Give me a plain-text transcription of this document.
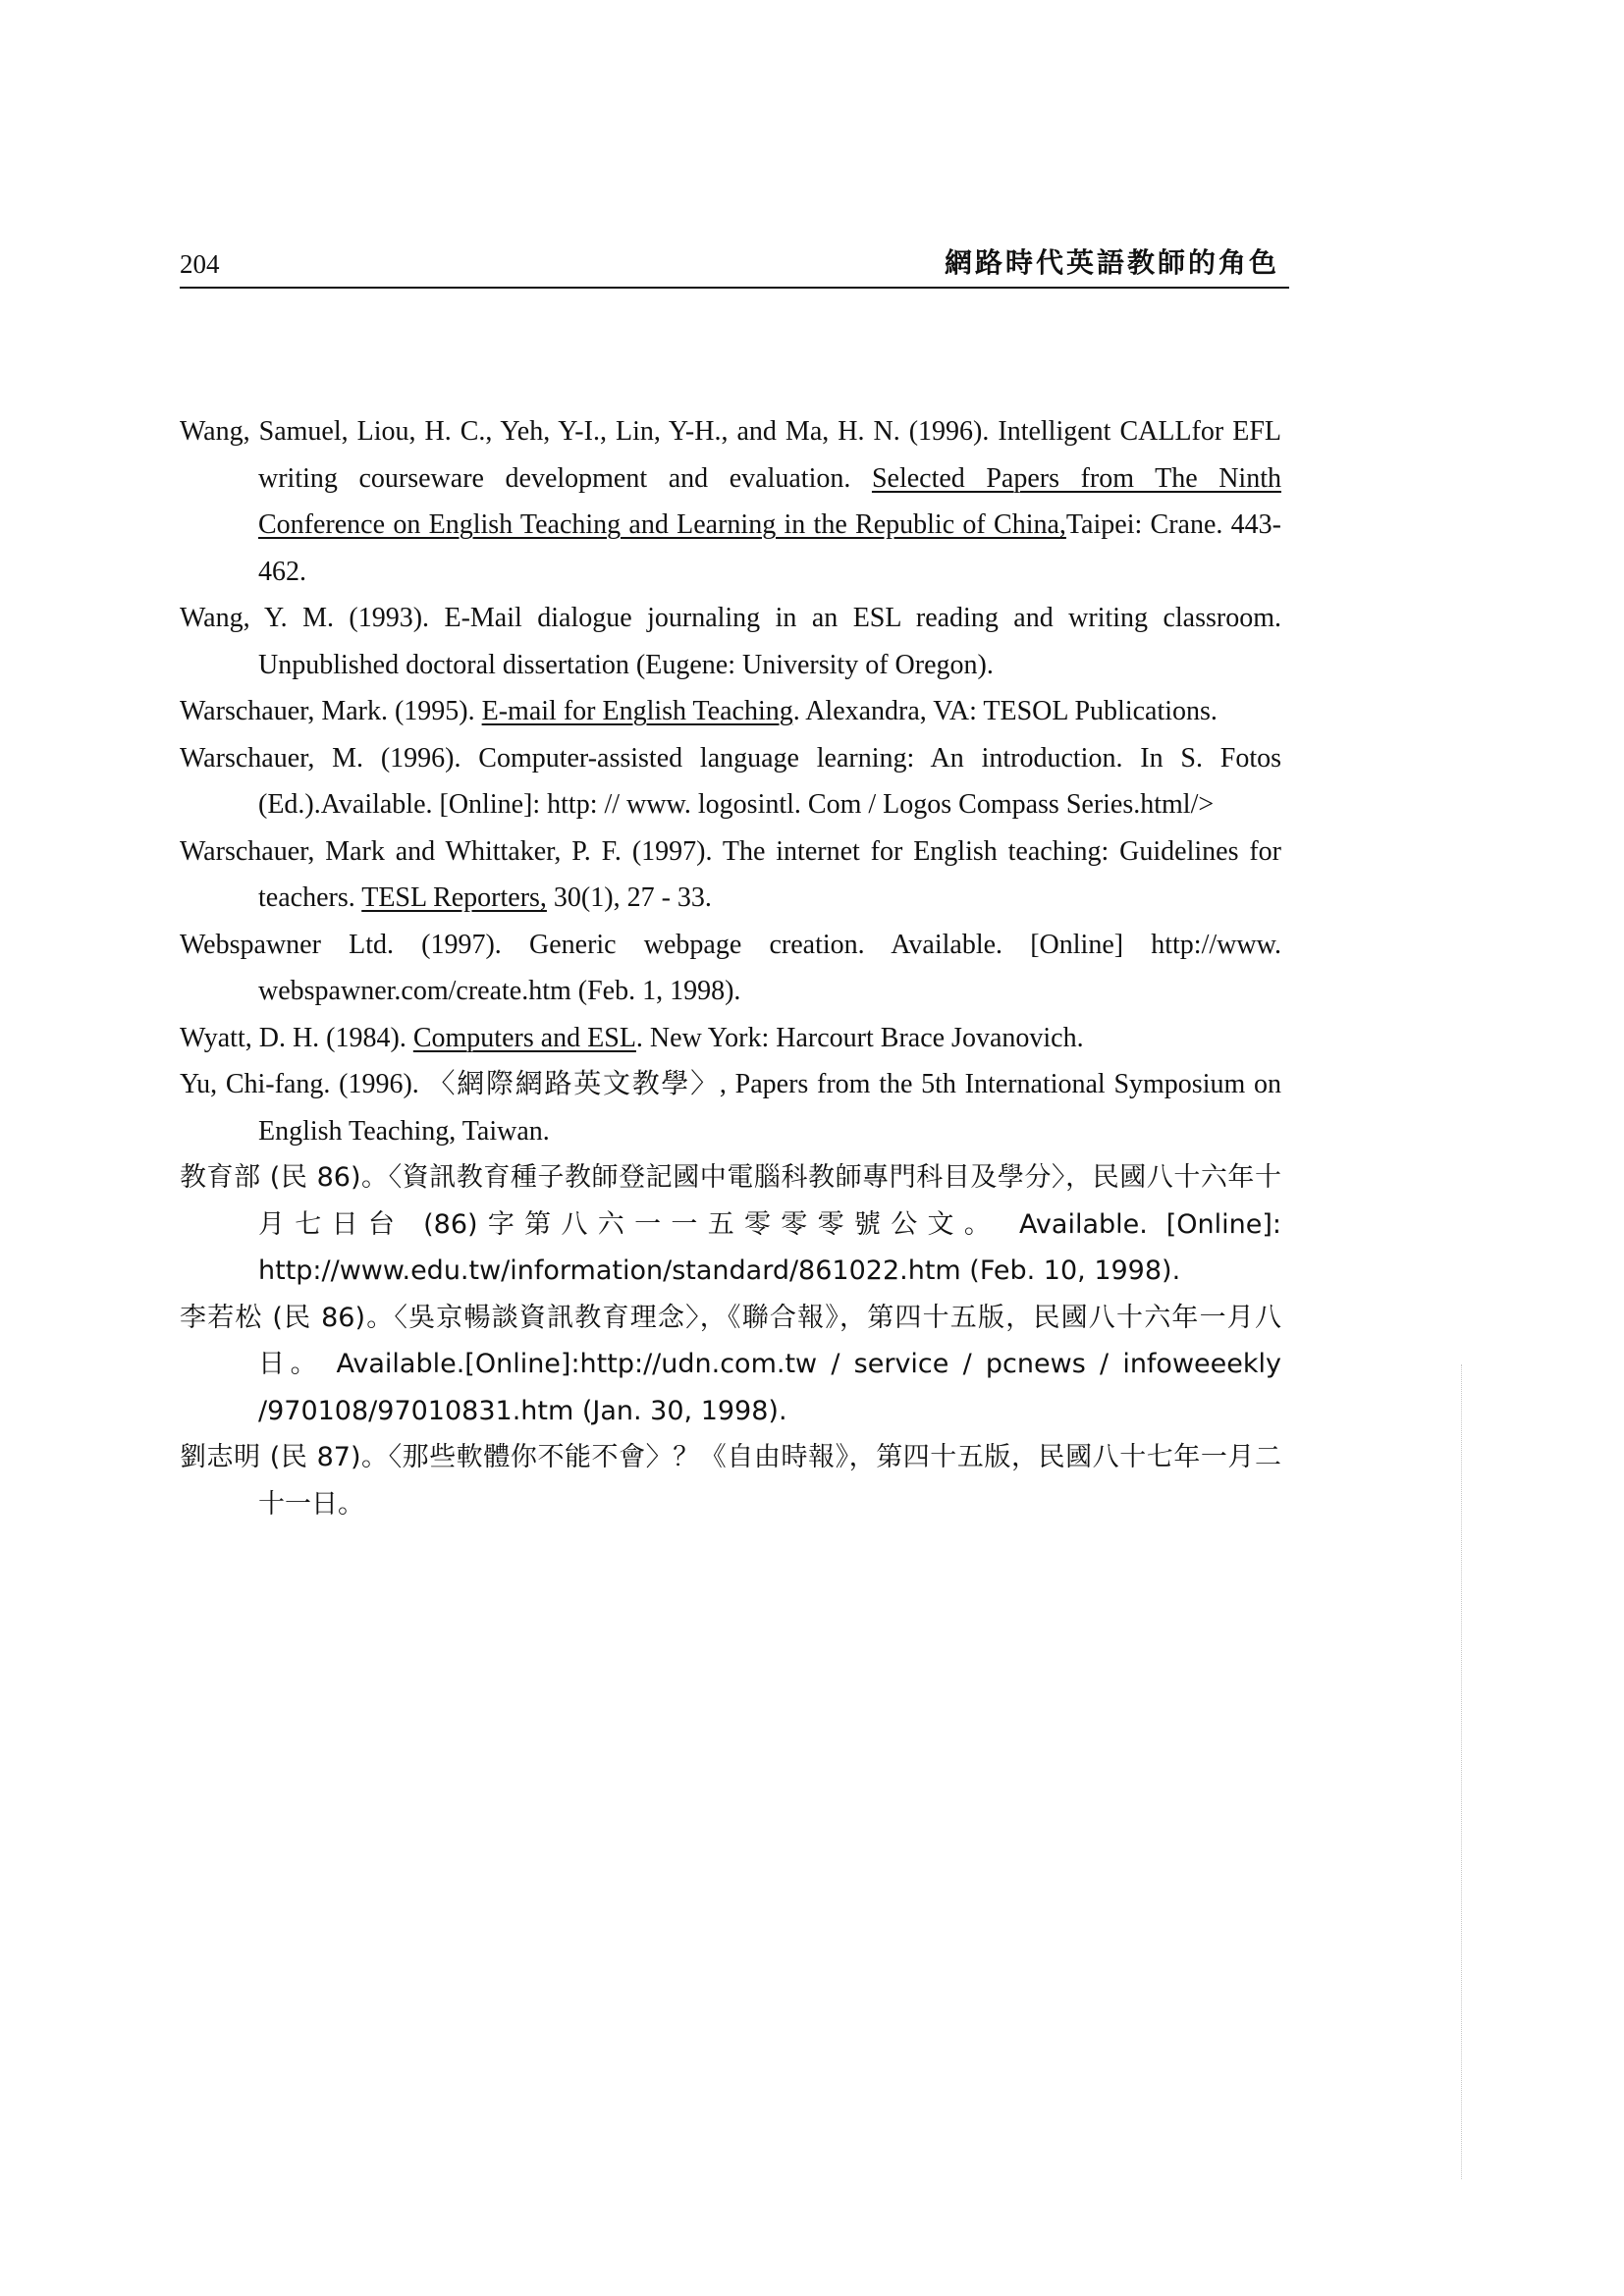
204	網路時代英語教師的角色
Wang, Samuel, Liou, H. C., Yeh, Y-I., Lin, Y-H., and Ma, H. N. (1996). Intelligent CALLfor EFL writing courseware development and evaluation. Selected Papers from The Ninth Conference on English Teaching and Learning in the Republic of China,Taipei: Crane. 443-462.
Wang, Y. M. (1993). E-Mail dialogue journaling in an ESL reading and writing classroom. Unpublished doctoral dissertation (Eugene: University of Oregon).
Warschauer, Mark. (1995). E-mail for English Teaching. Alexandra, VA: TESOL Publications.
Warschauer, M. (1996). Computer-assisted language learning: An introduction. In S. Fotos (Ed.).Available. [Online]: http: // www. logosintl. Com / Logos Compass Series.html/>
Warschauer, Mark and Whittaker, P. F. (1997). The internet for English teaching: Guidelines for teachers. TESL Reporters, 30(1), 27 - 33.
Webspawner Ltd. (1997). Generic webpage creation. Available. [Online] http://www. webspawner.com/create.htm (Feb. 1, 1998).
Wyatt, D. H. (1984). Computers and ESL. New York: Harcourt Brace Jovanovich.
Yu, Chi-fang. (1996). 〈網際網路英文教學〉, Papers from the 5th International Symposium on English Teaching, Taiwan.
教育部 (民 86)。〈資訊教育種子教師登記國中電腦科教師專門科目及學分〉，民國八十六年十月七日台 (86)字第八六一一五零零零號公文。 Available. [Online]: http://www.edu.tw/information/standard/861022.htm (Feb. 10, 1998).
李若松 (民 86)。〈吳京暢談資訊教育理念〉，《聯合報》，第四十五版，民國八十六年一月八日。 Available.[Online]:http://udn.com.tw / service / pcnews / infoweeekly /970108/97010831.htm (Jan. 30, 1998).
劉志明 (民 87)。〈那些軟體你不能不會〉？《自由時報》，第四十五版，民國八十七年一月二十一日。
